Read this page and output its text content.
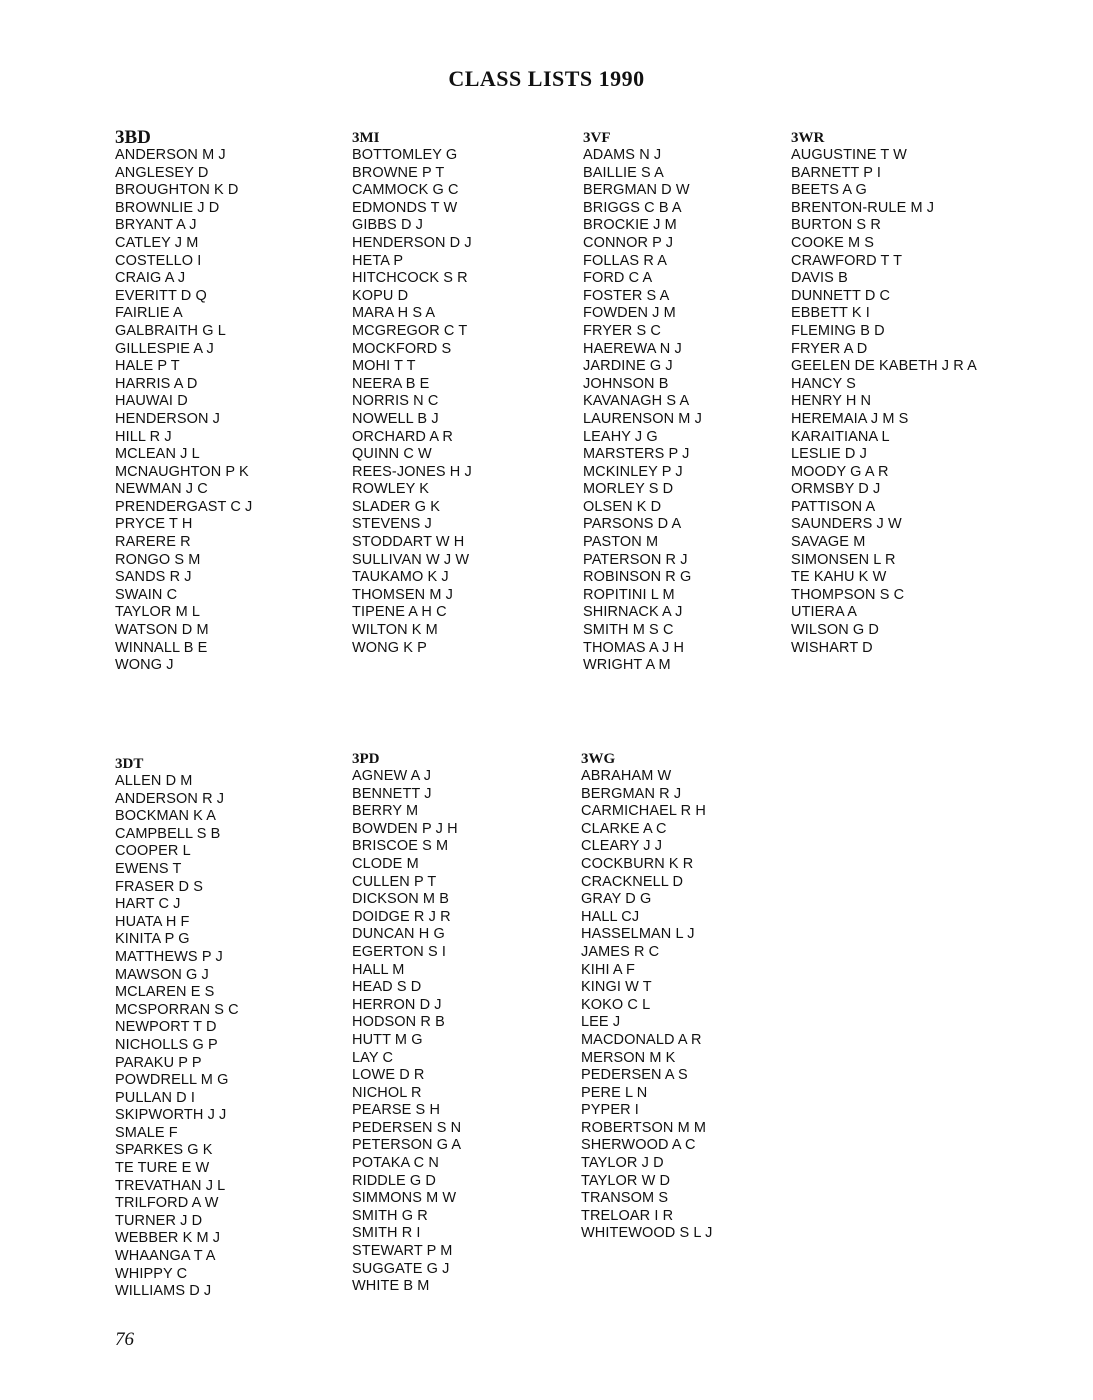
CLASS LISTS 1990
3BD
ANDERSON M J
ANGLESEY D
BROUGHTON K D
BROWNLIE J D
BRYANT A J
CATLEY J M
COSTELLO I
CRAIG A J
EVERITT D Q
FAIRLIE A
GALBRAITH G L
GILLESPIE A J
HALE P T
HARRIS A D
HAUWAI D
HENDERSON J
HILL R J
MCLEAN J L
MCNAUGHTON P K
NEWMAN J C
PRENDERGAST C J
PRYCE T H
RARERE R
RONGO S M
SANDS R J
SWAIN C
TAYLOR M L
WATSON D M
WINNALL B E
WONG J
3MI
BOTTOMLEY G
BROWNE P T
CAMMOCK G C
EDMONDS T W
GIBBS D J
HENDERSON D J
HETA P
HITCHCOCK S R
KOPU D
MARA H S A
MCGREGOR C T
MOCKFORD S
MOHI T T
NEERA B E
NORRIS N C
NOWELL B J
ORCHARD A R
QUINN C W
REES-JONES H J
ROWLEY K
SLADER G K
STEVENS J
STODDART W H
SULLIVAN W J W
TAUKAMO K J
THOMSEN M J
TIPENE A H C
WILTON K M
WONG K P
3VF
ADAMS N J
BAILLIE S A
BERGMAN D W
BRIGGS C B A
BROCKIE J M
CONNOR P J
FOLLAS R A
FORD C A
FOSTER S A
FOWDEN J M
FRYER S C
HAEREWA N J
JARDINE G J
JOHNSON B
KAVANAGH S A
LAURENSON M J
LEAHY J G
MARSTERS P J
MCKINLEY P J
MORLEY S D
OLSEN K D
PARSONS D A
PASTON M
PATERSON R J
ROBINSON R G
ROPITINI L M
SHIRNACK A J
SMITH M S C
THOMAS A J H
WRIGHT A M
3WR
AUGUSTINE T W
BARNETT P I
BEETS A G
BRENTON-RULE M J
BURTON S R
COOKE M S
CRAWFORD T T
DAVIS B
DUNNETT D C
EBBETT K I
FLEMING B D
FRYER A D
GEELEN DE KABETH J R A
HANCY S
HENRY H N
HEREMAIA J M S
KARAITIANA L
LESLIE D J
MOODY G A R
ORMSBY D J
PATTISON A
SAUNDERS J W
SAVAGE M
SIMONSEN L R
TE KAHU K W
THOMPSON S C
UTIERA A
WILSON G D
WISHART D
3DT
ALLEN D M
ANDERSON R J
BOCKMAN K A
CAMPBELL S B
COOPER L
EWENS T
FRASER D S
HART C J
HUATA H F
KINITA P G
MATTHEWS P J
MAWSON G J
MCLAREN E S
MCSPORRAN S C
NEWPORT T D
NICHOLLS G P
PARAKU P P
POWDRELL M G
PULLAN D I
SKIPWORTH J J
SMALE F
SPARKES G K
TE TURE E W
TREVATHAN J L
TRILFORD A W
TURNER J D
WEBBER K M J
WHAANGA T A
WHIPPY C
WILLIAMS D J
3PD
AGNEW A J
BENNETT J
BERRY M
BOWDEN P J H
BRISCOE S M
CLODE M
CULLEN P T
DICKSON M B
DOIDGE R J R
DUNCAN H G
EGERTON S I
HALL M
HEAD S D
HERRON D J
HODSON R B
HUTT M G
LAY C
LOWE D R
NICHOL R
PEARSE S H
PEDERSEN S N
PETERSON G A
POTAKA C N
RIDDLE G D
SIMMONS M W
SMITH G R
SMITH R I
STEWART P M
SUGGATE G J
WHITE B M
3WG
ABRAHAM W
BERGMAN R J
CARMICHAEL R H
CLARKE A C
CLEARY J J
COCKBURN K R
CRACKNELL D
GRAY D G
HALL CJ
HASSELMAN L J
JAMES R C
KIHI A F
KINGI W T
KOKO C L
LEE J
MACDONALD A R
MERSON M K
PEDERSEN A S
PERE L N
PYPER I
ROBERTSON M M
SHERWOOD A C
TAYLOR J D
TAYLOR W D
TRANSOM S
TRELOAR I R
WHITEWOOD S L J
76
